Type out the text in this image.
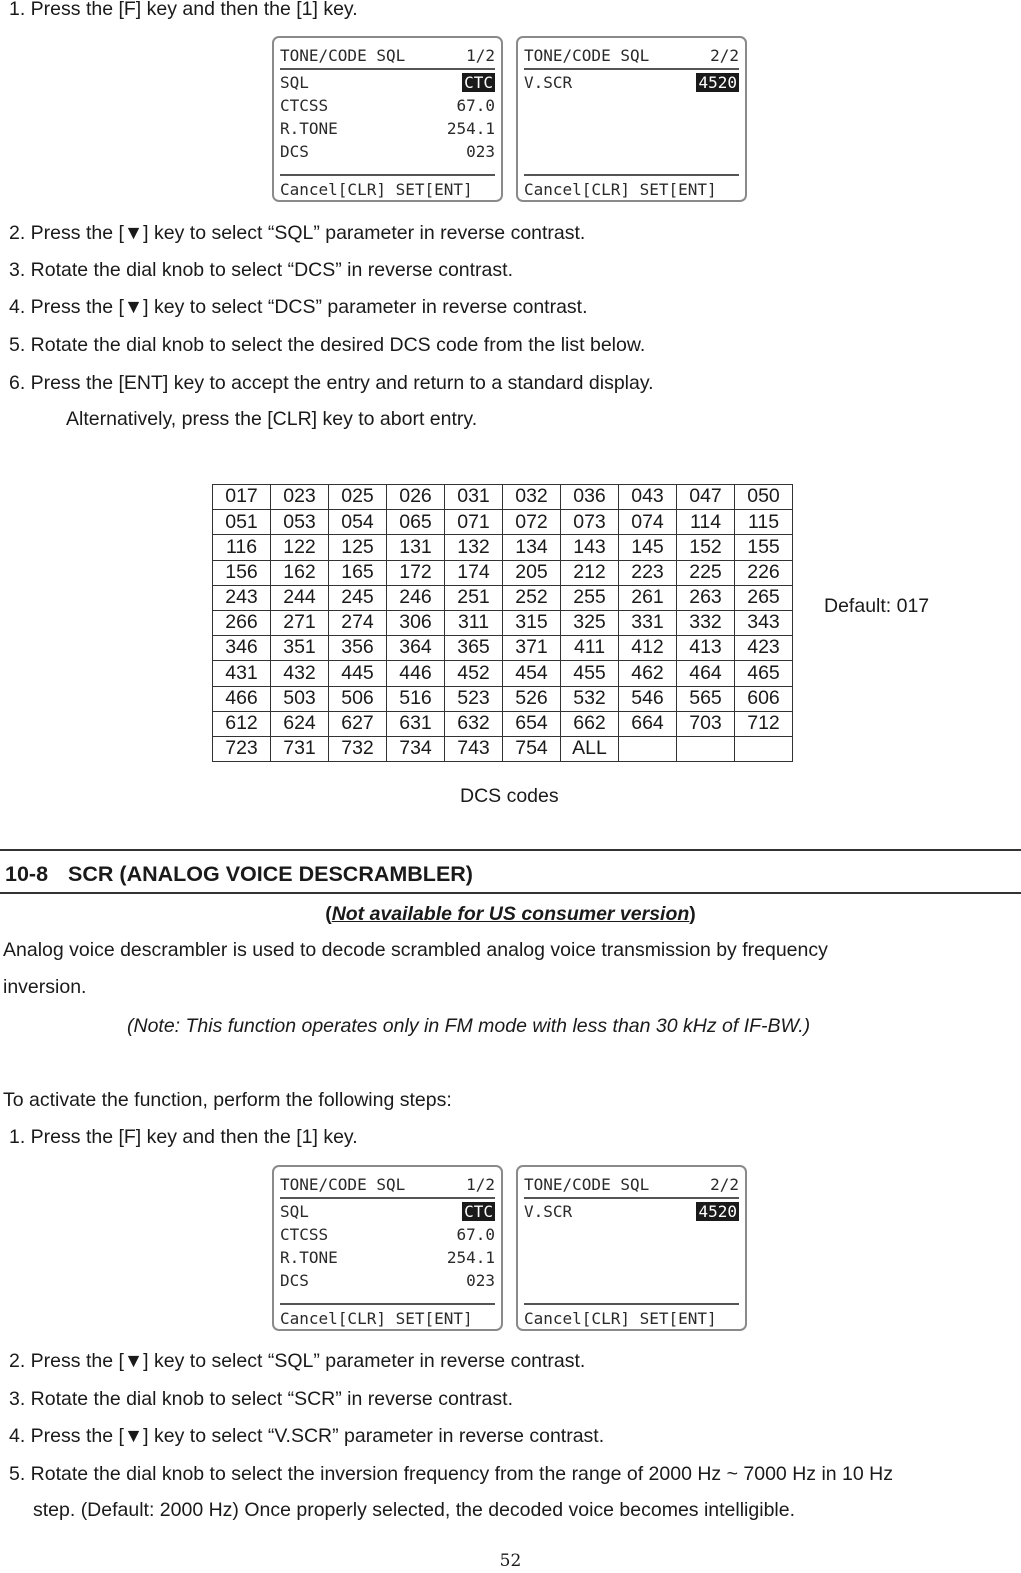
1. Press the [F] key and then the [1] key.
TONE/CODE SQL	1/2
SQL	CTC
CTCSS	67.0
R.TONE	254.1
DCS	023
Cancel[CLR] SET[ENT]
TONE/CODE SQL	2/2
V.SCR	4520
Cancel[CLR] SET[ENT]
2. Press the [▼] key to select “SQL” parameter in reverse contrast.
3. Rotate the dial knob to select “DCS” in reverse contrast.
4. Press the [▼] key to select “DCS” parameter in reverse contrast.
5. Rotate the dial knob to select the desired DCS code from the list below.
6. Press the [ENT] key to accept the entry and return to a standard display.
Alternatively, press the [CLR] key to abort entry.
017	023	025	026	031	032	036	043	047	050
051	053	054	065	071	072	073	074	114	115
116	122	125	131	132	134	143	145	152	155
156	162	165	172	174	205	212	223	225	226
243	244	245	246	251	252	255	261	263	265
266	271	274	306	311	315	325	331	332	343
346	351	356	364	365	371	411	412	413	423
431	432	445	446	452	454	455	462	464	465
466	503	506	516	523	526	532	546	565	606
612	624	627	631	632	654	662	664	703	712
723	731	732	734	743	754	ALL			
Default: 017
DCS codes
10-8 SCR (ANALOG VOICE DESCRAMBLER)
(Not available for US consumer version)
Analog voice descrambler is used to decode scrambled analog voice transmission by frequency
inversion.
(Note: This function operates only in FM mode with less than 30 kHz of IF-BW.)
To activate the function, perform the following steps:
1. Press the [F] key and then the [1] key.
TONE/CODE SQL	1/2
SQL	CTC
CTCSS	67.0
R.TONE	254.1
DCS	023
Cancel[CLR] SET[ENT]
TONE/CODE SQL	2/2
V.SCR	4520
Cancel[CLR] SET[ENT]
2. Press the [▼] key to select “SQL” parameter in reverse contrast.
3. Rotate the dial knob to select “SCR” in reverse contrast.
4. Press the [▼] key to select “V.SCR” parameter in reverse contrast.
5. Rotate the dial knob to select the inversion frequency from the range of 2000 Hz ~ 7000 Hz in 10 Hz
step. (Default: 2000 Hz) Once properly selected, the decoded voice becomes intelligible.
52
